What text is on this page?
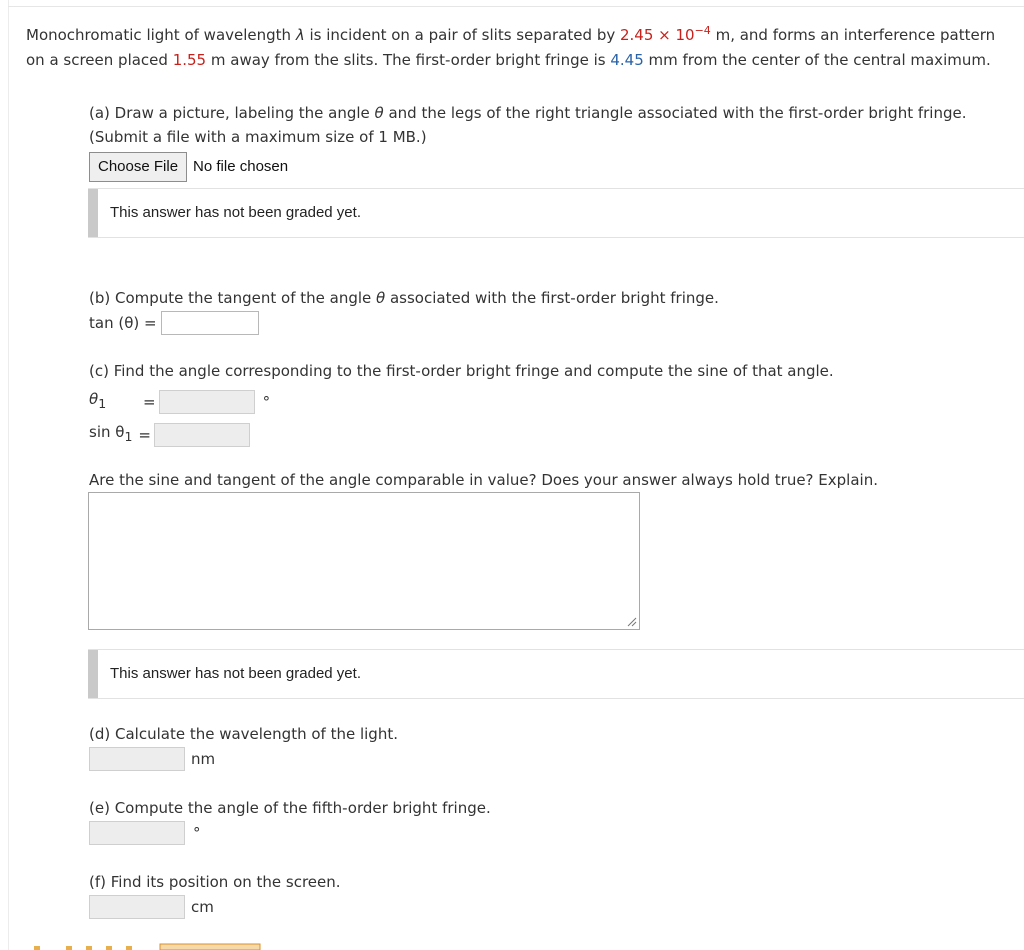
Monochromatic light of wavelength λ is incident on a pair of slits separated by $2.45 \times 10^{-4}$ m, and forms an interference pattern on a screen placed 1.55 m away from the slits. The first-order bright fringe is 4.45 mm from the center of the central maximum.
(a) Draw a picture, labeling the angle θ and the legs of the right triangle associated with the first-order bright fringe. (Submit a file with a maximum size of 1 MB.)
Choose File	No file chosen
This answer has not been graded yet.
(b) Compute the tangent of the angle θ associated with the first-order bright fringe.
tan (θ) =
(c) Find the angle corresponding to the first-order bright fringe and compute the sine of that angle.
$\theta_1$	=	°
$\sin \theta_1$ =
Are the sine and tangent of the angle comparable in value? Does your answer always hold true? Explain.
This answer has not been graded yet.
(d) Calculate the wavelength of the light.
nm
(e) Compute the angle of the fifth-order bright fringe.
°
(f) Find its position on the screen.
cm
